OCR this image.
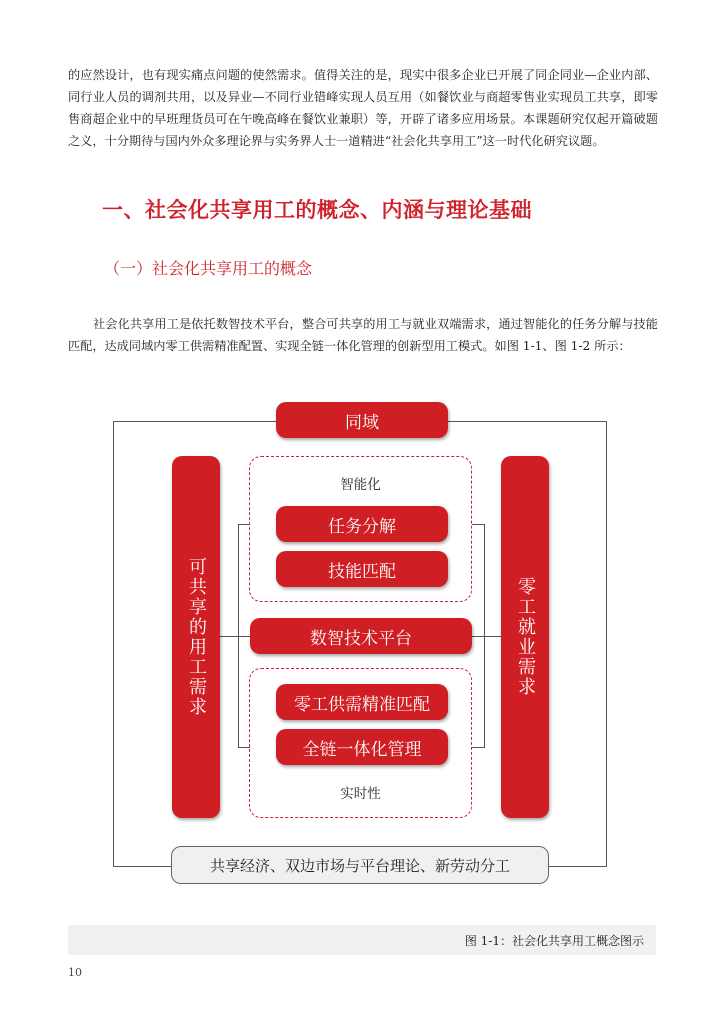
的应然设计，也有现实痛点问题的使然需求。值得关注的是，现实中很多企业已开展了同企同业—企业内部、同行业人员的调剂共用，以及异业—不同行业错峰实现人员互用（如餐饮业与商超零售业实现员工共享，即零售商超企业中的早班理货员可在午晚高峰在餐饮业兼职）等，开辟了诸多应用场景。本课题研究仅起开篇破题之义，十分期待与国内外众多理论界与实务界人士一道精进“社会化共享用工”这一时代化研究议题。

一、社会化共享用工的概念、内涵与理论基础
（一）社会化共享用工的概念

社会化共享用工是依托数智技术平台，整合可共享的用工与就业双端需求，通过智能化的任务分解与技能匹配，达成同域内零工供需精准配置、实现全链一体化管理的创新型用工模式。如图 1-1、图 1-2 所示：

同域
可共享的用工需求	零工就业需求
智能化
任务分解
技能匹配
数智技术平台
零工供需精准匹配
全链一体化管理
实时性
共享经济、双边市场与平台理论、新劳动分工
图 1-1：社会化共享用工概念图示
10
